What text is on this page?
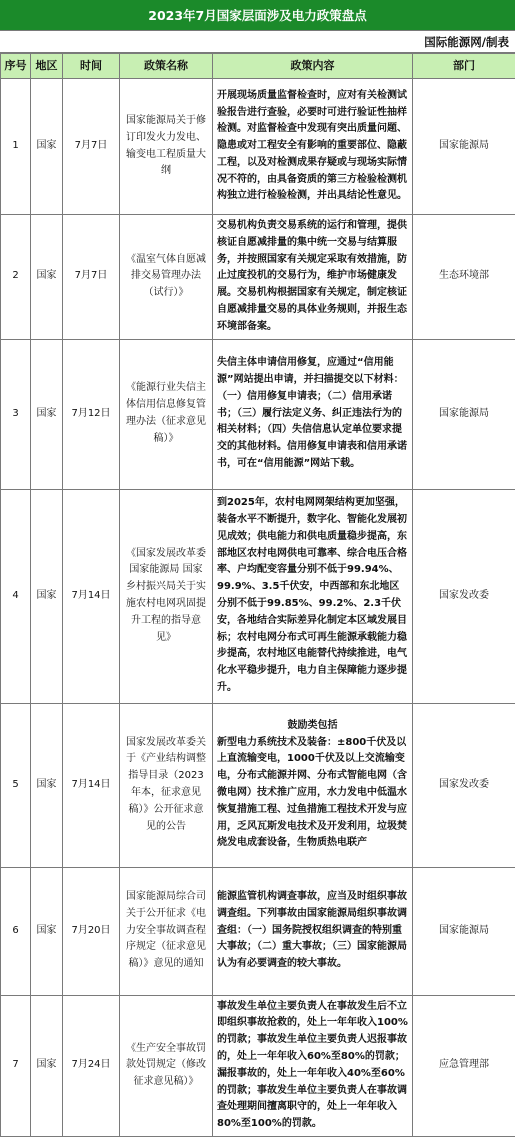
2023年7月国家层面涉及电力政策盘点
国际能源网/制表
序号	地区	时间	政策名称	政策内容	部门
1	国家	7月7日	国家能源局关于修订印发火力发电、输变电工程质量大纲	开展现场质量监督检查时，应对有关检测试验报告进行查验，必要时可进行验证性抽样检测。对监督检查中发现有突出质量问题、隐患或对工程安全有影响的重要部位、隐蔽工程，以及对检测成果存疑或与现场实际情况不符的，由具备资质的第三方检验检测机构独立进行检验检测，并出具结论性意见。	国家能源局
2	国家	7月7日	《温室气体自愿减排交易管理办法（试行）》	交易机构负责交易系统的运行和管理，提供核证自愿减排量的集中统一交易与结算服务，并按照国家有关规定采取有效措施，防止过度投机的交易行为，维护市场健康发展。交易机构根据国家有关规定，制定核证自愿减排量交易的具体业务规则，并报生态环境部备案。	生态环境部
3	国家	7月12日	《能源行业失信主体信用信息修复管理办法（征求意见稿）》	失信主体申请信用修复，应通过“信用能源”网站提出申请，并扫描提交以下材料：（一）信用修复申请表；（二）信用承诺书；（三）履行法定义务、纠正违法行为的相关材料；（四）失信信息认定单位要求提交的其他材料。信用修复申请表和信用承诺书，可在“信用能源”网站下载。	国家能源局
4	国家	7月14日	《国家发展改革委 国家能源局 国家乡村振兴局关于实施农村电网巩固提升工程的指导意见》	到2025年，农村电网网架结构更加坚强，装备水平不断提升，数字化、智能化发展初见成效；供电能力和供电质量稳步提高，东部地区农村电网供电可靠率、综合电压合格率、户均配变容量分别不低于99.94%、99.9%、3.5千伏安，中西部和东北地区分别不低于99.85%、99.2%、2.3千伏安，各地结合实际差异化制定本区域发展目标；农村电网分布式可再生能源承载能力稳步提高，农村地区电能替代持续推进，电气化水平稳步提升，电力自主保障能力逐步提升。	国家发改委
5	国家	7月14日	国家发展改革委关于《产业结构调整指导目录（2023年本，征求意见稿）》公开征求意见的公告	鼓励类包括
新型电力系统技术及装备：±800千伏及以上直流输变电，1000千伏及以上交流输变电，分布式能源并网、分布式智能电网（含微电网）技术推广应用，水力发电中低温水恢复措施工程、过鱼措施工程技术开发与应用，乏风瓦斯发电技术及开发利用，垃圾焚烧发电成套设备，生物质热电联产	国家发改委
6	国家	7月20日	国家能源局综合司关于公开征求《电力安全事故调查程序规定（征求意见稿）》意见的通知	能源监管机构调查事故，应当及时组织事故调查组。下列事故由国家能源局组织事故调查组：（一）国务院授权组织调查的特别重大事故；（二）重大事故；（三）国家能源局认为有必要调查的较大事故。	国家能源局
7	国家	7月24日	《生产安全事故罚款处罚规定（修改征求意见稿）》	事故发生单位主要负责人在事故发生后不立即组织事故抢救的，处上一年年收入100%的罚款；事故发生单位主要负责人迟报事故的，处上一年年收入60%至80%的罚款；漏报事故的，处上一年年收入40%至60%的罚款；事故发生单位主要负责人在事故调查处理期间擅离职守的，处上一年年收入80%至100%的罚款。	应急管理部
